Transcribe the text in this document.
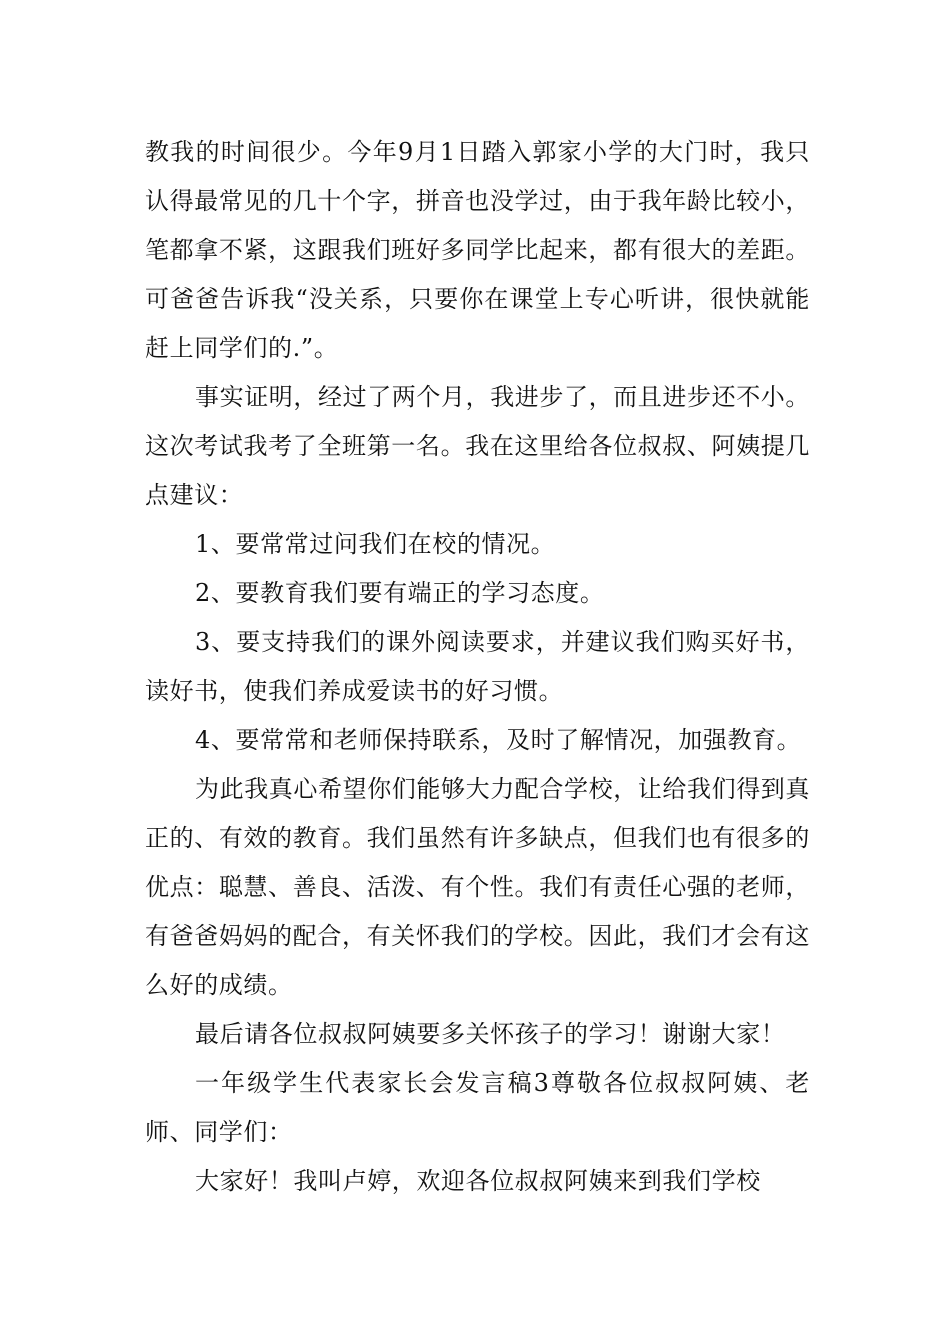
教我的时间很少。今年9月1日踏入郭家小学的大门时，我只认得最常见的几十个字，拼音也没学过，由于我年龄比较小，笔都拿不紧，这跟我们班好多同学比起来，都有很大的差距。可爸爸告诉我“没关系，只要你在课堂上专心听讲，很快就能赶上同学们的.”。

事实证明，经过了两个月，我进步了，而且进步还不小。这次考试我考了全班第一名。我在这里给各位叔叔、阿姨提几点建议：

1、要常常过问我们在校的情况。

2、要教育我们要有端正的学习态度。

3、要支持我们的课外阅读要求，并建议我们购买好书，读好书，使我们养成爱读书的好习惯。

4、要常常和老师保持联系，及时了解情况，加强教育。

为此我真心希望你们能够大力配合学校，让给我们得到真正的、有效的教育。我们虽然有许多缺点，但我们也有很多的优点：聪慧、善良、活泼、有个性。我们有责任心强的老师，有爸爸妈妈的配合，有关怀我们的学校。因此，我们才会有这么好的成绩。

最后请各位叔叔阿姨要多关怀孩子的学习！谢谢大家！

一年级学生代表家长会发言稿3尊敬各位叔叔阿姨、老师、同学们：

大家好！我叫卢婷，欢迎各位叔叔阿姨来到我们学校
